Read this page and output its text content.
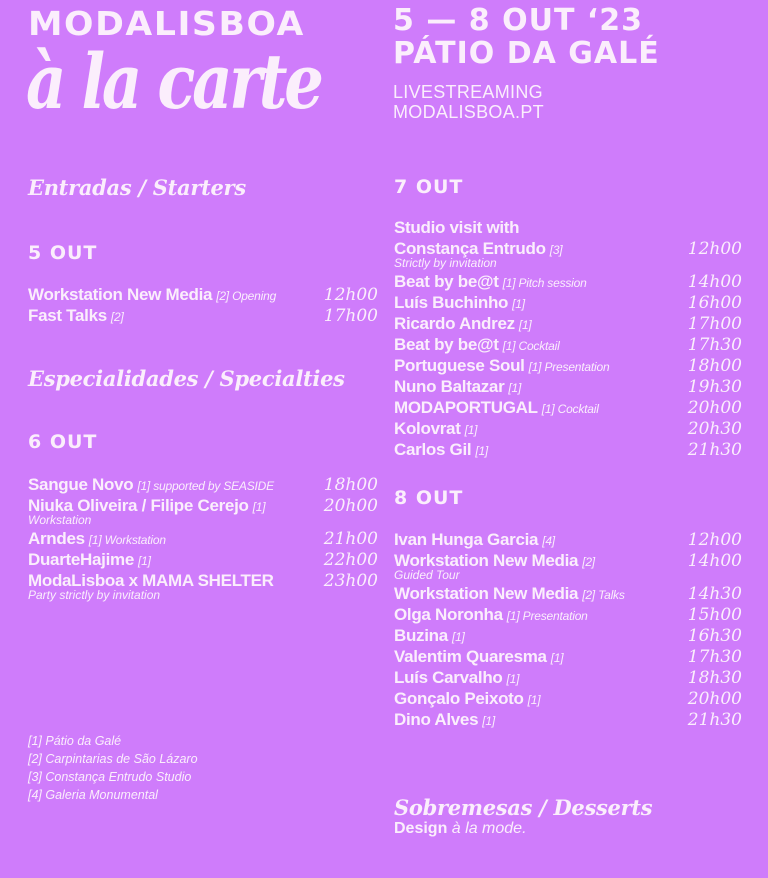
MODALISBOA
à la carte
5 — 8 OUT ‘23
PÁTIO DA GALÉ
LIVESTREAMING
MODALISBOA.PT
Entradas / Starters
5 OUT
Workstation New Media [2] Opening	12h00
Fast Talks [2]	17h00
Especialidades / Specialties
6 OUT
Sangue Novo [1] supported by SEASIDE	18h00
Niuka Oliveira / Filipe Cerejo [1]	20h00
Workstation
Arndes [1] Workstation	21h00
DuarteHajime [1]	22h00
ModaLisboa x MAMA SHELTER	23h00
Party strictly by invitation
[1] Pátio da Galé
[2] Carpintarias de São Lázaro
[3] Constança Entrudo Studio
[4] Galeria Monumental
7 OUT
Studio visit with
Constança Entrudo [3]	12h00
Strictly by invitation
Beat by be@t [1] Pitch session	14h00
Luís Buchinho [1]	16h00
Ricardo Andrez [1]	17h00
Beat by be@t [1] Cocktail	17h30
Portuguese Soul [1] Presentation	18h00
Nuno Baltazar [1]	19h30
MODAPORTUGAL [1] Cocktail	20h00
Kolovrat [1]	20h30
Carlos Gil [1]	21h30
8 OUT
Ivan Hunga Garcia [4]	12h00
Workstation New Media [2]	14h00
Guided Tour
Workstation New Media [2] Talks	14h30
Olga Noronha [1] Presentation	15h00
Buzina [1]	16h30
Valentim Quaresma [1]	17h30
Luís Carvalho [1]	18h30
Gonçalo Peixoto [1]	20h00
Dino Alves [1]	21h30
Sobremesas / Desserts
Design à la mode.
